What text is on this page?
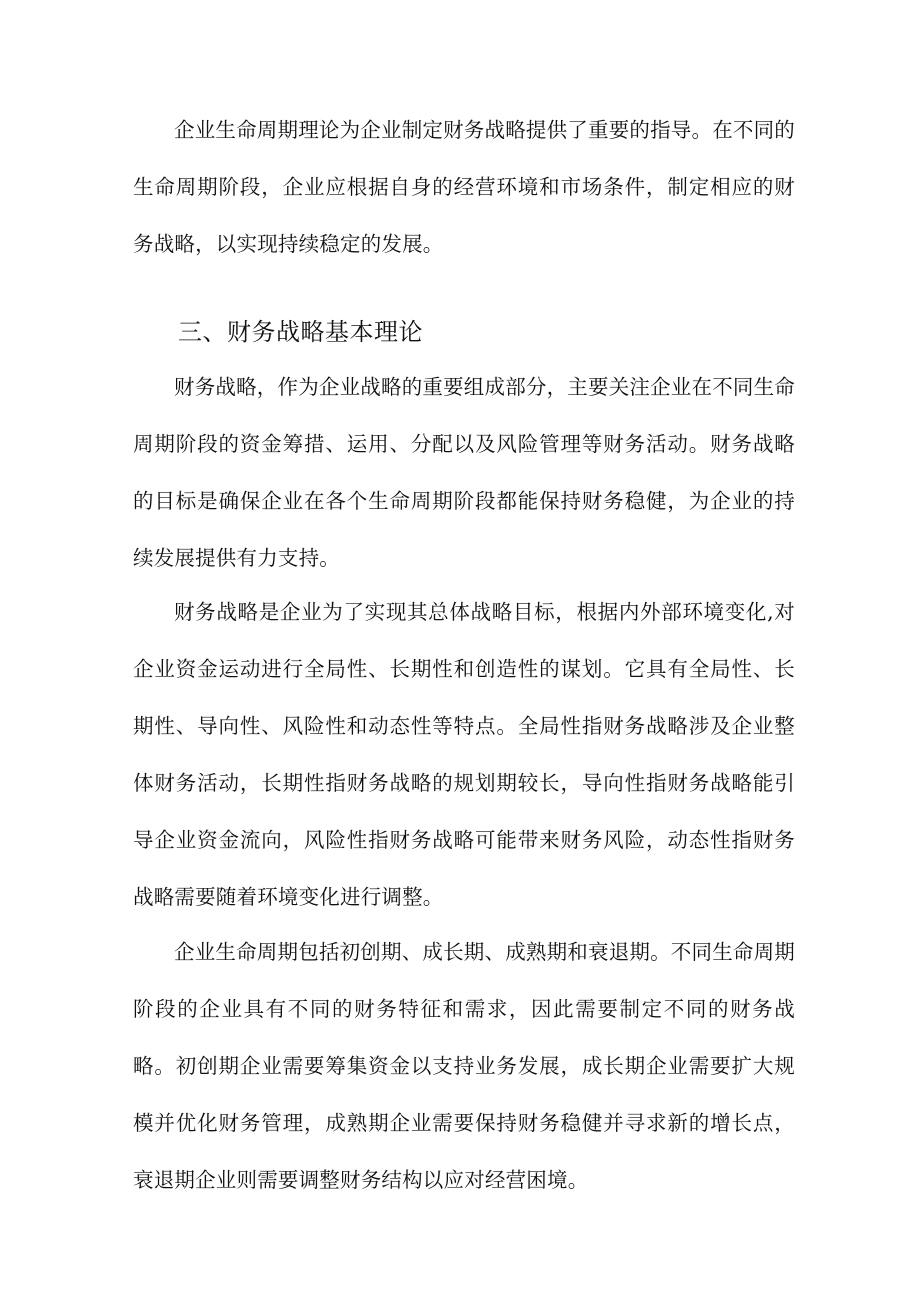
企业生命周期理论为企业制定财务战略提供了重要的指导。在不同的生命周期阶段，企业应根据自身的经营环境和市场条件，制定相应的财务战略，以实现持续稳定的发展。

三、财务战略基本理论

财务战略，作为企业战略的重要组成部分，主要关注企业在不同生命周期阶段的资金筹措、运用、分配以及风险管理等财务活动。财务战略的目标是确保企业在各个生命周期阶段都能保持财务稳健，为企业的持续发展提供有力支持。

财务战略是企业为了实现其总体战略目标，根据内外部环境变化,对企业资金运动进行全局性、长期性和创造性的谋划。它具有全局性、长期性、导向性、风险性和动态性等特点。全局性指财务战略涉及企业整体财务活动，长期性指财务战略的规划期较长，导向性指财务战略能引导企业资金流向，风险性指财务战略可能带来财务风险，动态性指财务战略需要随着环境变化进行调整。

企业生命周期包括初创期、成长期、成熟期和衰退期。不同生命周期阶段的企业具有不同的财务特征和需求，因此需要制定不同的财务战略。初创期企业需要筹集资金以支持业务发展，成长期企业需要扩大规模并优化财务管理，成熟期企业需要保持财务稳健并寻求新的增长点，衰退期企业则需要调整财务结构以应对经营困境。
